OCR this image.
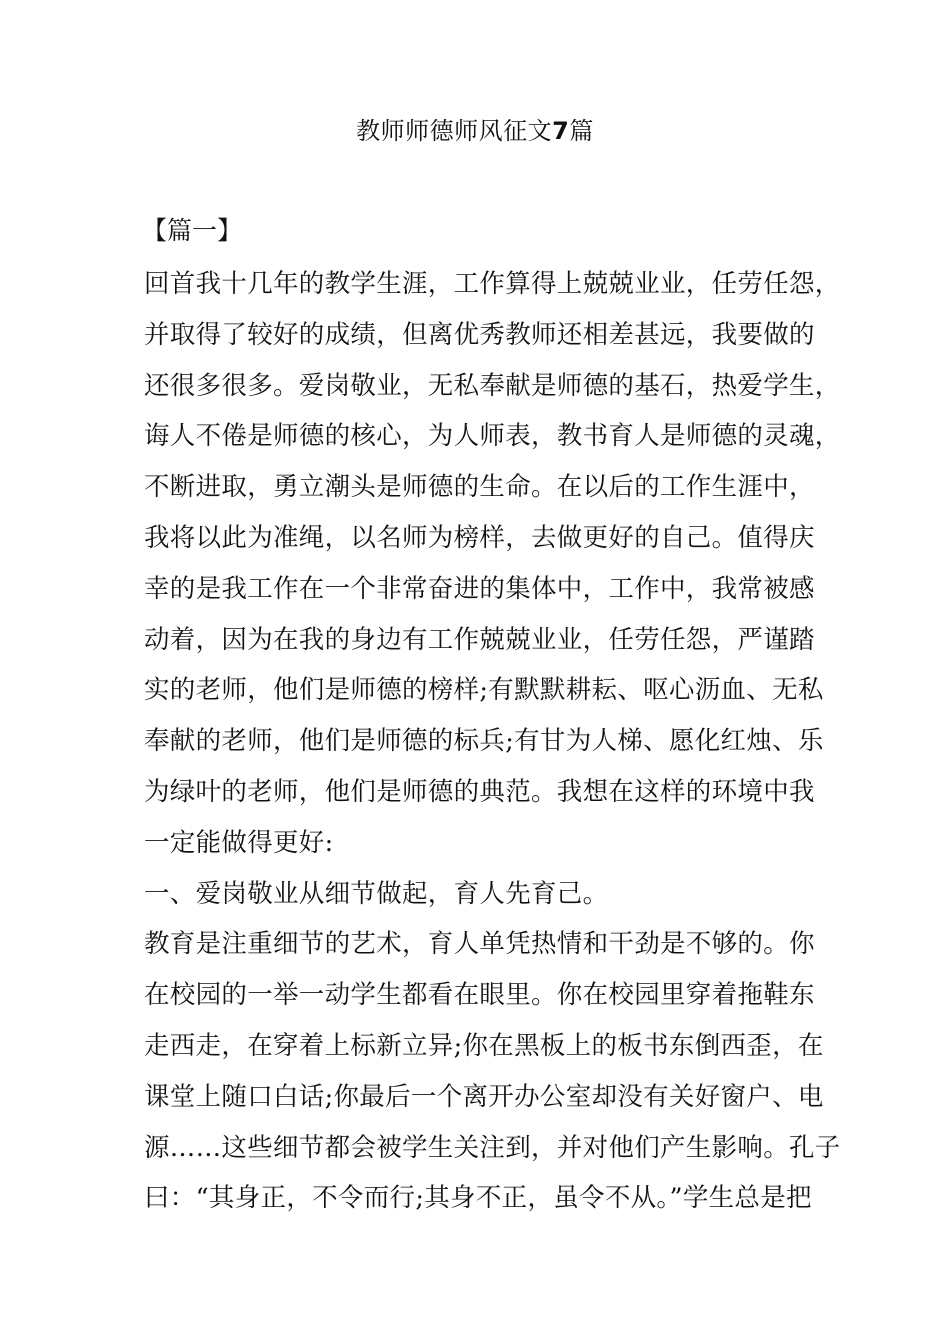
教师师德师风征文7篇
【篇一】
回首我十几年的教学生涯，工作算得上兢兢业业，任劳任怨，
并取得了较好的成绩，但离优秀教师还相差甚远，我要做的
还很多很多。爱岗敬业，无私奉献是师德的基石，热爱学生，
诲人不倦是师德的核心，为人师表，教书育人是师德的灵魂，
不断进取，勇立潮头是师德的生命。在以后的工作生涯中，
我将以此为准绳，以名师为榜样，去做更好的自己。值得庆
幸的是我工作在一个非常奋进的集体中，工作中，我常被感
动着，因为在我的身边有工作兢兢业业，任劳任怨，严谨踏
实的老师，他们是师德的榜样;有默默耕耘、呕心沥血、无私
奉献的老师，他们是师德的标兵;有甘为人梯、愿化红烛、乐
为绿叶的老师，他们是师德的典范。我想在这样的环境中我
一定能做得更好:
一、爱岗敬业从细节做起，育人先育己。
教育是注重细节的艺术，育人单凭热情和干劲是不够的。你
在校园的一举一动学生都看在眼里。你在校园里穿着拖鞋东
走西走，在穿着上标新立异;你在黑板上的板书东倒西歪，在
课堂上随口白话;你最后一个离开办公室却没有关好窗户、电
源……这些细节都会被学生关注到，并对他们产生影响。孔子
曰：“其身正，不令而行;其身不正，虽令不从。”学生总是把
